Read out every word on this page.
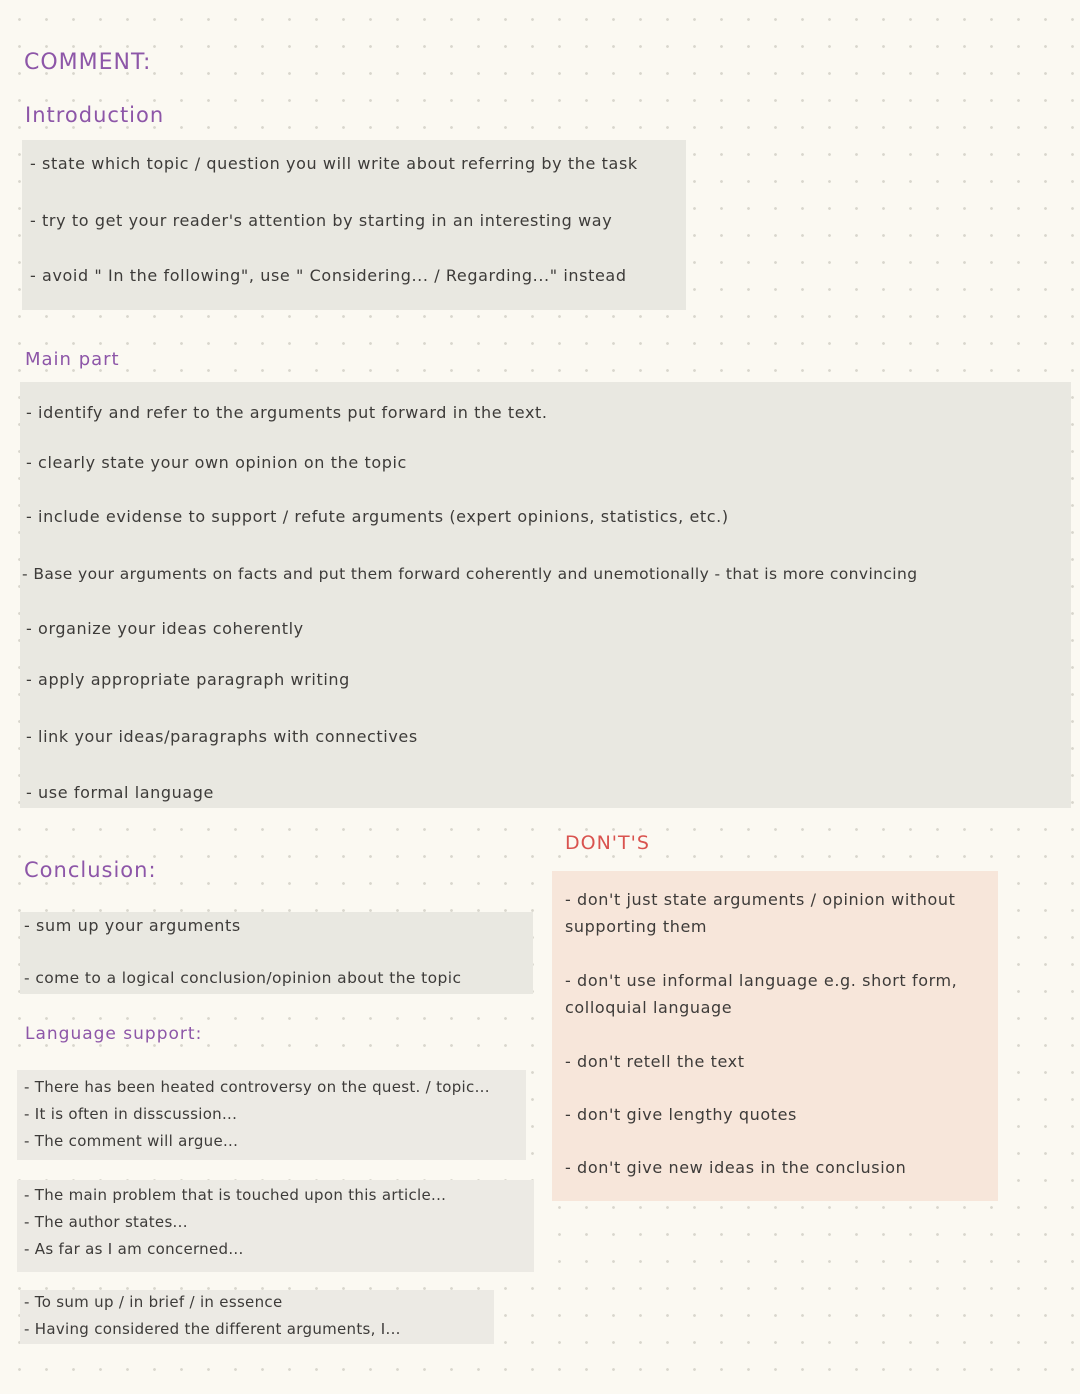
COMMENT:
Introduction
- state which topic / question you will write about referring by the task
- try to get your reader's attention by starting in an interesting way
- avoid " In the following", use " Considering... / Regarding..." instead
Main part
- identify and refer to the arguments put forward in the text.
- clearly state your own opinion on the topic
- include evidense to support / refute arguments (expert opinions, statistics, etc.)
- Base your arguments on facts and put them forward coherently and unemotionally - that is more convincing
- organize your ideas coherently
- apply appropriate paragraph writing
- link your ideas/paragraphs with connectives
- use formal language
Conclusion:
- sum up your arguments
- come to a logical conclusion/opinion about the topic
Language support:
- There has been heated controversy on the quest. / topic...
- It is often in disscussion...
- The comment will argue...
- The main problem that is touched upon this article...
- The author states...
- As far as I am concerned...
- To sum up / in brief / in essence
- Having considered the different arguments, I...
DON'T'S
- don't just state arguments / opinion without supporting them
- don't use informal language e.g. short form, colloquial language
- don't retell the text
- don't give lengthy quotes
- don't give new ideas in the conclusion
